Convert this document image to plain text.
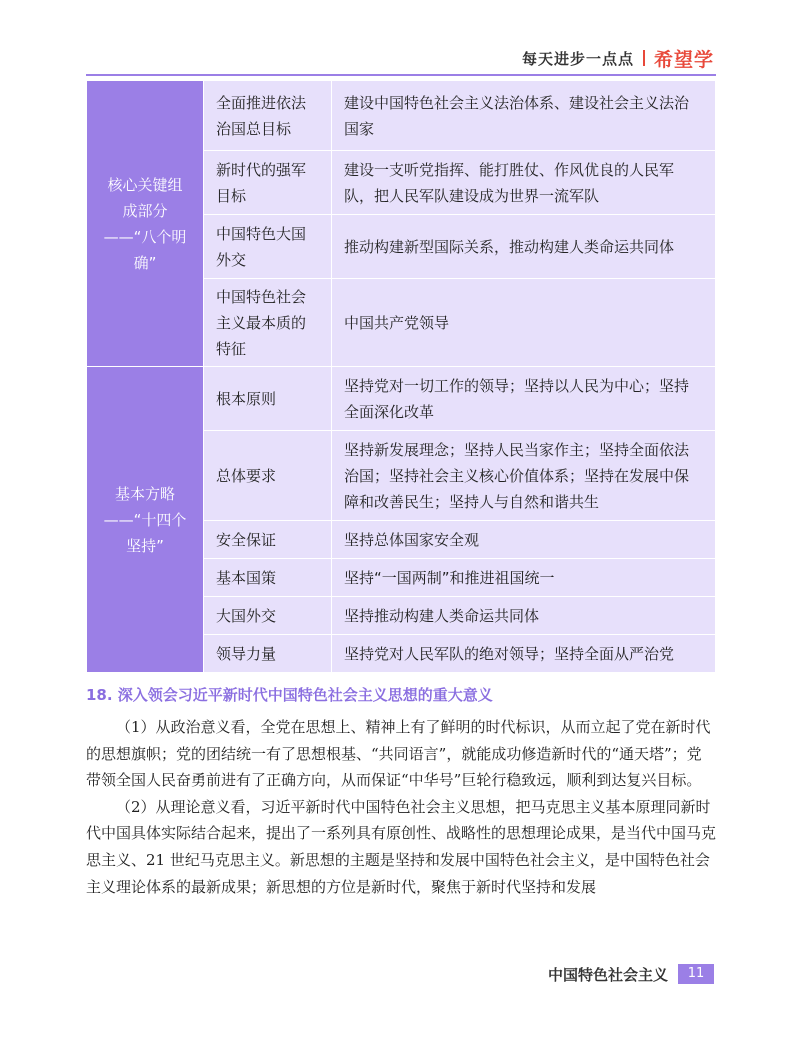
每天进步一点点 希望学
核心关键组成部分——“八个明确”	全面推进依法治国总目标	建设中国特色社会主义法治体系、建设社会主义法治国家
	新时代的强军目标	建设一支听党指挥、能打胜仗、作风优良的人民军队，把人民军队建设成为世界一流军队
	中国特色大国外交	推动构建新型国际关系，推动构建人类命运共同体
	中国特色社会主义最本质的特征	中国共产党领导
基本方略——“十四个坚持”	根本原则	坚持党对一切工作的领导；坚持以人民为中心；坚持全面深化改革
	总体要求	坚持新发展理念；坚持人民当家作主；坚持全面依法治国；坚持社会主义核心价值体系；坚持在发展中保障和改善民生；坚持人与自然和谐共生
	安全保证	坚持总体国家安全观
	基本国策	坚持“一国两制”和推进祖国统一
	大国外交	坚持推动构建人类命运共同体
	领导力量	坚持党对人民军队的绝对领导；坚持全面从严治党
18. 深入领会习近平新时代中国特色社会主义思想的重大意义

（1）从政治意义看，全党在思想上、精神上有了鲜明的时代标识，从而立起了党在新时代的思想旗帜；党的团结统一有了思想根基、“共同语言”，就能成功修造新时代的“通天塔”；党带领全国人民奋勇前进有了正确方向，从而保证“中华号”巨轮行稳致远，顺利到达复兴目标。

（2）从理论意义看，习近平新时代中国特色社会主义思想，把马克思主义基本原理同新时代中国具体实际结合起来，提出了一系列具有原创性、战略性的思想理论成果，是当代中国马克思主义、21 世纪马克思主义。新思想的主题是坚持和发展中国特色社会主义，是中国特色社会主义理论体系的最新成果；新思想的方位是新时代，聚焦于新时代坚持和发展

中国特色社会主义	11
